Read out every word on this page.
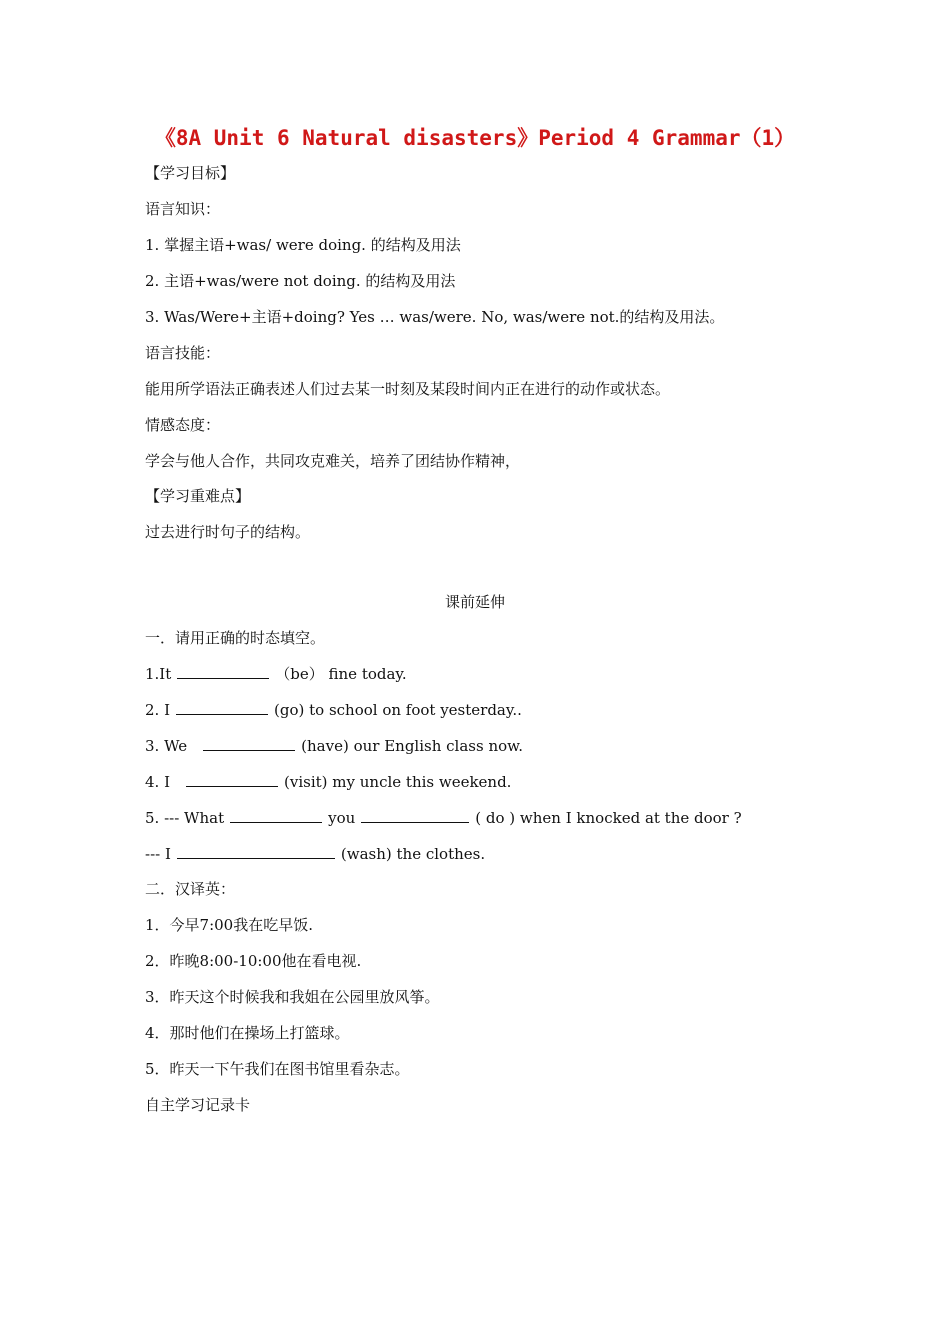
《8A Unit 6 Natural disasters》Period 4 Grammar（1）
【学习目标】
语言知识：
1. 掌握主语+was/ were doing. 的结构及用法
2. 主语+was/were not doing. 的结构及用法
3. Was/Were+主语+doing? Yes … was/were. No, was/were not.的结构及用法。
语言技能：
能用所学语法正确表述人们过去某一时刻及某段时间内正在进行的动作或状态。
情感态度：
学会与他人合作，共同攻克难关，培养了团结协作精神，
【学习重难点】
过去进行时句子的结构。
课前延伸
一．请用正确的时态填空。
1.It	（be） fine today.
2. I	(go) to school on foot yesterday..
3. We	(have) our English class now.
4. I	(visit) my uncle this weekend.
5. --- What	you	( do ) when I knocked at the door ?
--- I	(wash) the clothes.
二．汉译英：
1．今早7:00我在吃早饭.
2．昨晚8:00-10:00他在看电视.
3．昨天这个时候我和我姐在公园里放风筝。
4．那时他们在操场上打篮球。
5．昨天一下午我们在图书馆里看杂志。
自主学习记录卡
